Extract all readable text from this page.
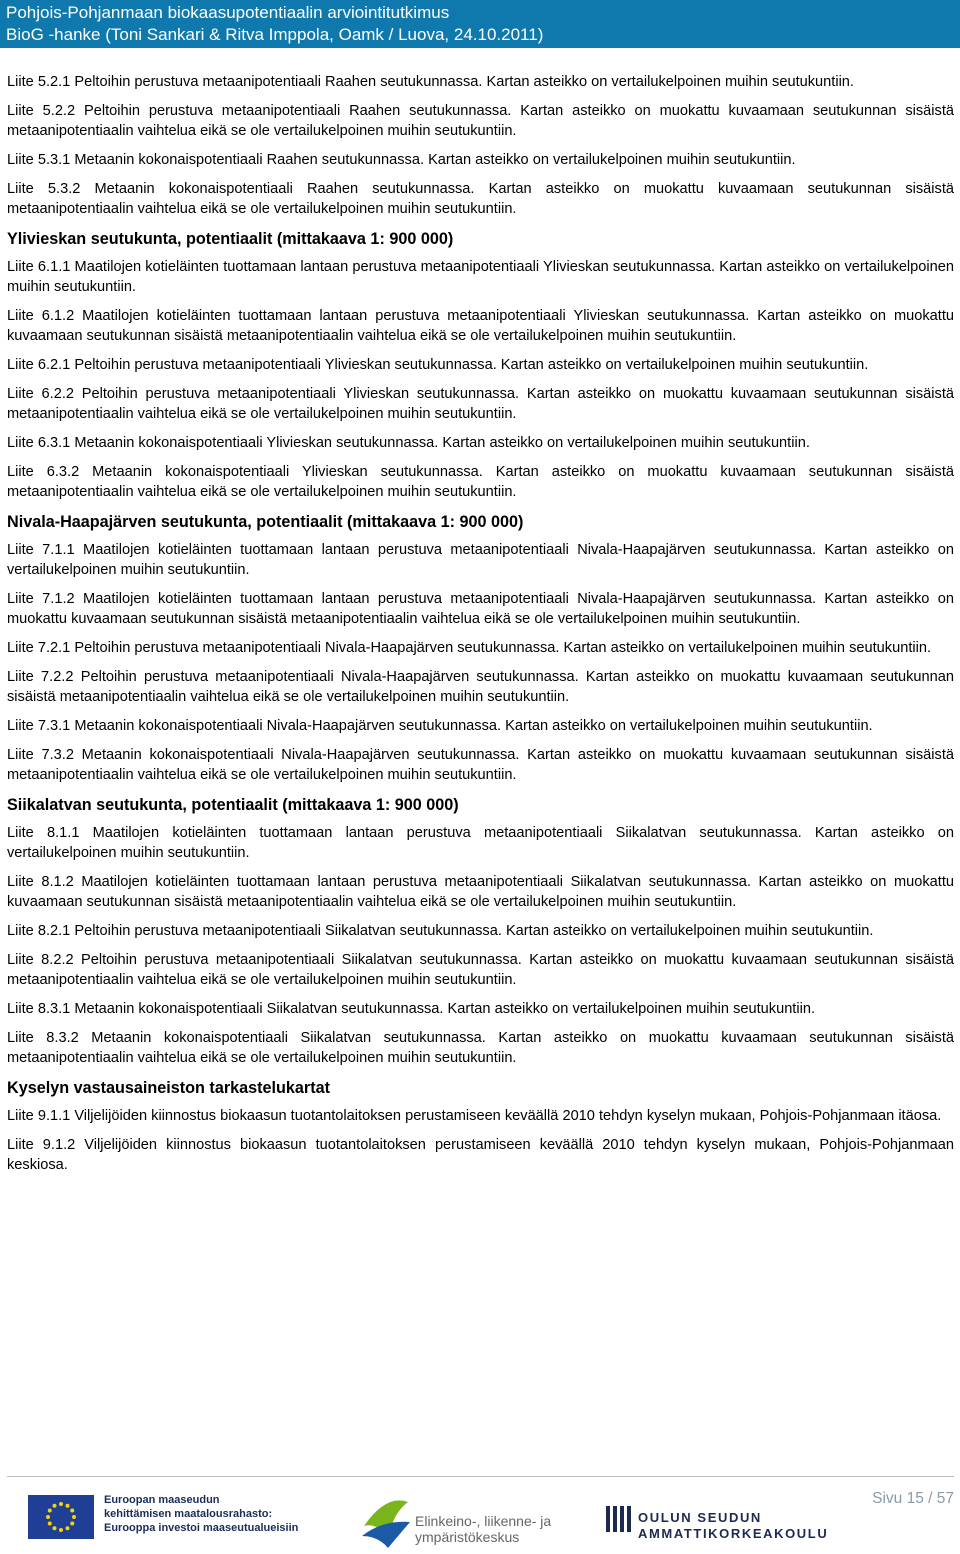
Pohjois-Pohjanmaan biokaasupotentiaalin arviointitutkimus
BioG -hanke (Toni Sankari & Ritva Imppola, Oamk / Luova, 24.10.2011)
Liite 5.2.1 Peltoihin perustuva metaanipotentiaali Raahen seutukunnassa. Kartan asteikko on vertailukelpoinen muihin seutukuntiin.
Liite 5.2.2 Peltoihin perustuva metaanipotentiaali Raahen seutukunnassa. Kartan asteikko on muokattu kuvaamaan seutukunnan sisäistä metaanipotentiaalin vaihtelua eikä se ole vertailukelpoinen muihin seutukuntiin.
Liite 5.3.1 Metaanin kokonaispotentiaali Raahen seutukunnassa. Kartan asteikko on vertailukelpoinen muihin seutukuntiin.
Liite 5.3.2 Metaanin kokonaispotentiaali Raahen seutukunnassa. Kartan asteikko on muokattu kuvaamaan seutukunnan sisäistä metaanipotentiaalin vaihtelua eikä se ole vertailukelpoinen muihin seutukuntiin.
Ylivieskan seutukunta, potentiaalit (mittakaava 1: 900 000)
Liite 6.1.1 Maatilojen kotieläinten tuottamaan lantaan perustuva metaanipotentiaali Ylivieskan seutukunnassa. Kartan asteikko on vertailukelpoinen muihin seutukuntiin.
Liite 6.1.2 Maatilojen kotieläinten tuottamaan lantaan perustuva metaanipotentiaali Ylivieskan seutukunnassa. Kartan asteikko on muokattu kuvaamaan seutukunnan sisäistä metaanipotentiaalin vaihtelua eikä se ole vertailukelpoinen muihin seutukuntiin.
Liite 6.2.1 Peltoihin perustuva metaanipotentiaali Ylivieskan seutukunnassa. Kartan asteikko on vertailukelpoinen muihin seutukuntiin.
Liite 6.2.2 Peltoihin perustuva metaanipotentiaali Ylivieskan seutukunnassa. Kartan asteikko on muokattu kuvaamaan seutukunnan sisäistä metaanipotentiaalin vaihtelua eikä se ole vertailukelpoinen muihin seutukuntiin.
Liite 6.3.1 Metaanin kokonaispotentiaali Ylivieskan seutukunnassa. Kartan asteikko on vertailukelpoinen muihin seutukuntiin.
Liite 6.3.2 Metaanin kokonaispotentiaali Ylivieskan seutukunnassa. Kartan asteikko on muokattu kuvaamaan seutukunnan sisäistä metaanipotentiaalin vaihtelua eikä se ole vertailukelpoinen muihin seutukuntiin.
Nivala-Haapajärven seutukunta, potentiaalit (mittakaava 1: 900 000)
Liite 7.1.1 Maatilojen kotieläinten tuottamaan lantaan perustuva metaanipotentiaali Nivala-Haapajärven seutukunnassa. Kartan asteikko on vertailukelpoinen muihin seutukuntiin.
Liite 7.1.2 Maatilojen kotieläinten tuottamaan lantaan perustuva metaanipotentiaali Nivala-Haapajärven seutukunnassa. Kartan asteikko on muokattu kuvaamaan seutukunnan sisäistä metaanipotentiaalin vaihtelua eikä se ole vertailukelpoinen muihin seutukuntiin.
Liite 7.2.1 Peltoihin perustuva metaanipotentiaali Nivala-Haapajärven seutukunnassa. Kartan asteikko on vertailukelpoinen muihin seutukuntiin.
Liite 7.2.2 Peltoihin perustuva metaanipotentiaali Nivala-Haapajärven seutukunnassa. Kartan asteikko on muokattu kuvaamaan seutukunnan sisäistä metaanipotentiaalin vaihtelua eikä se ole vertailukelpoinen muihin seutukuntiin.
Liite 7.3.1 Metaanin kokonaispotentiaali Nivala-Haapajärven seutukunnassa. Kartan asteikko on vertailukelpoinen muihin seutukuntiin.
Liite 7.3.2 Metaanin kokonaispotentiaali Nivala-Haapajärven seutukunnassa. Kartan asteikko on muokattu kuvaamaan seutukunnan sisäistä metaanipotentiaalin vaihtelua eikä se ole vertailukelpoinen muihin seutukuntiin.
Siikalatvan seutukunta, potentiaalit (mittakaava 1: 900 000)
Liite 8.1.1 Maatilojen kotieläinten tuottamaan lantaan perustuva metaanipotentiaali Siikalatvan seutukunnassa. Kartan asteikko on vertailukelpoinen muihin seutukuntiin.
Liite 8.1.2 Maatilojen kotieläinten tuottamaan lantaan perustuva metaanipotentiaali Siikalatvan seutukunnassa. Kartan asteikko on muokattu kuvaamaan seutukunnan sisäistä metaanipotentiaalin vaihtelua eikä se ole vertailukelpoinen muihin seutukuntiin.
Liite 8.2.1 Peltoihin perustuva metaanipotentiaali Siikalatvan seutukunnassa. Kartan asteikko on vertailukelpoinen muihin seutukuntiin.
Liite 8.2.2 Peltoihin perustuva metaanipotentiaali Siikalatvan seutukunnassa. Kartan asteikko on muokattu kuvaamaan seutukunnan sisäistä metaanipotentiaalin vaihtelua eikä se ole vertailukelpoinen muihin seutukuntiin.
Liite 8.3.1 Metaanin kokonaispotentiaali Siikalatvan seutukunnassa. Kartan asteikko on vertailukelpoinen muihin seutukuntiin.
Liite 8.3.2 Metaanin kokonaispotentiaali Siikalatvan seutukunnassa. Kartan asteikko on muokattu kuvaamaan seutukunnan sisäistä metaanipotentiaalin vaihtelua eikä se ole vertailukelpoinen muihin seutukuntiin.
Kyselyn vastausaineiston tarkastelukartat
Liite 9.1.1 Viljelijöiden kiinnostus biokaasun tuotantolaitoksen perustamiseen keväällä 2010 tehdyn kyselyn mukaan, Pohjois-Pohjanmaan itäosa.
Liite 9.1.2 Viljelijöiden kiinnostus biokaasun tuotantolaitoksen perustamiseen keväällä 2010 tehdyn kyselyn mukaan, Pohjois-Pohjanmaan keskiosa.
Sivu 15 / 57
Euroopan maaseudun
kehittämisen maatalousrahasto:
Eurooppa investoi maaseutualueisiin	Elinkeino-, liikenne- ja
ympäristökeskus
OULUN SEUDUN
AMMATTIKORKEAKOULU
